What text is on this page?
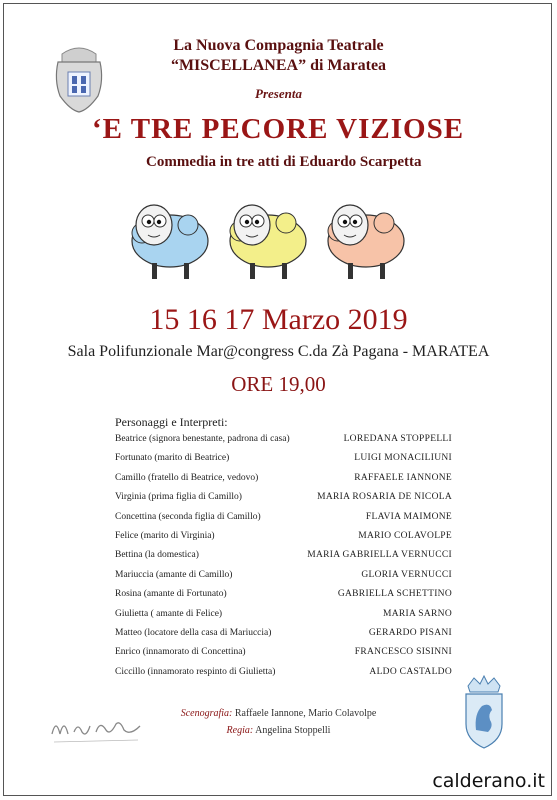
La Nuova Compagnia Teatrale
“MISCELLANEA” di Maratea
Presenta
‘E TRE PECORE VIZIOSE
Commedia in tre atti di Eduardo Scarpetta
15 16 17 Marzo 2019
Sala Polifunzionale Mar@congress C.da Zà Pagana - MARATEA
ORE 19,00
Personaggi e Interpreti:
Beatrice (signora benestante, padrona di casa)	LOREDANA STOPPELLI
Fortunato (marito di Beatrice)	LUIGI MONACILIUNI
Camillo (fratello di Beatrice, vedovo)	RAFFAELE IANNONE
Virginia (prima figlia di Camillo)	MARIA ROSARIA DE NICOLA
Concettina (seconda figlia di Camillo)	FLAVIA MAIMONE
Felice (marito di Virginia)	MARIO COLAVOLPE
Bettina (la domestica)	MARIA GABRIELLA VERNUCCI
Mariuccia (amante di Camillo)	GLORIA VERNUCCI
Rosina (amante di Fortunato)	GABRIELLA SCHETTINO
Giulietta ( amante di Felice)	MARIA SARNO
Matteo (locatore della casa di Mariuccia)	GERARDO PISANI
Enrico (innamorato di Concettina)	FRANCESCO SISINNI
Ciccillo (innamorato respinto di Giulietta)	ALDO CASTALDO
Scenografia: Raffaele Iannone, Mario Colavolpe
Regia: Angelina Stoppelli
calderano.it
